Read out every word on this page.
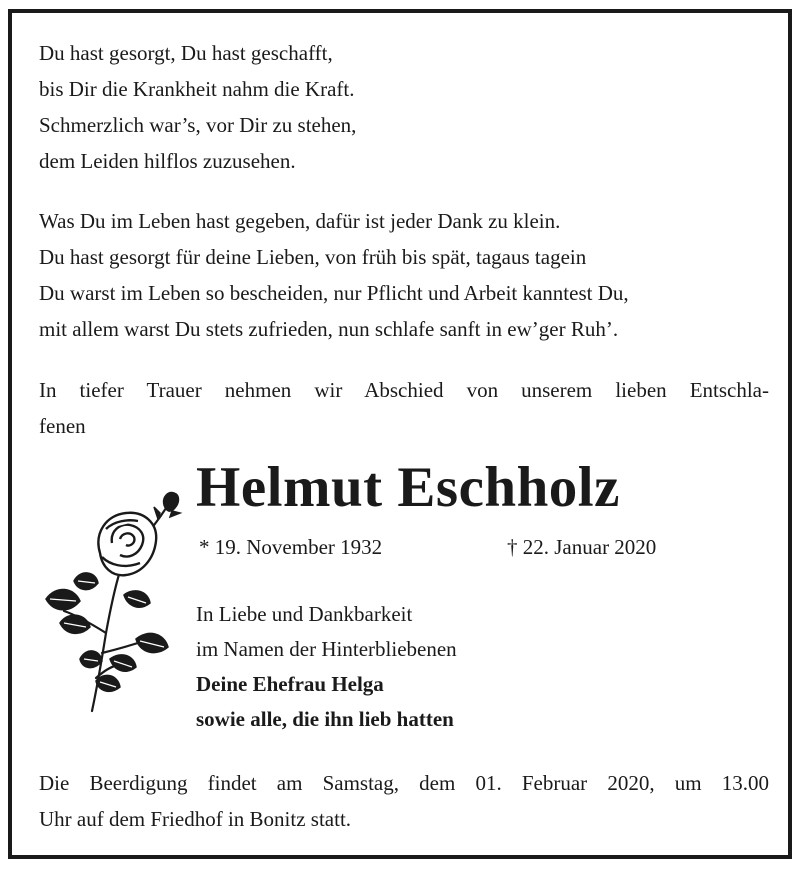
Du hast gesorgt, Du hast geschafft,
bis Dir die Krankheit nahm die Kraft.
Schmerzlich war’s, vor Dir zu stehen,
dem Leiden hilflos zuzusehen.
Was Du im Leben hast gegeben, dafür ist jeder Dank zu klein.
Du hast gesorgt für deine Lieben, von früh bis spät, tagaus tagein
Du warst im Leben so bescheiden, nur Pflicht und Arbeit kanntest Du,
mit allem warst Du stets zufrieden, nun schlafe sanft in ew’ger Ruh’.
In tiefer Trauer nehmen wir Abschied von unserem lieben Entschla-
fenen
Helmut Eschholz
* 19. November 1932	† 22. Januar 2020
In Liebe und Dankbarkeit
im Namen der Hinterbliebenen
Deine Ehefrau Helga
sowie alle, die ihn lieb hatten
Die Beerdigung findet am Samstag, dem 01. Februar 2020, um 13.00
Uhr auf dem Friedhof in Bonitz statt.
